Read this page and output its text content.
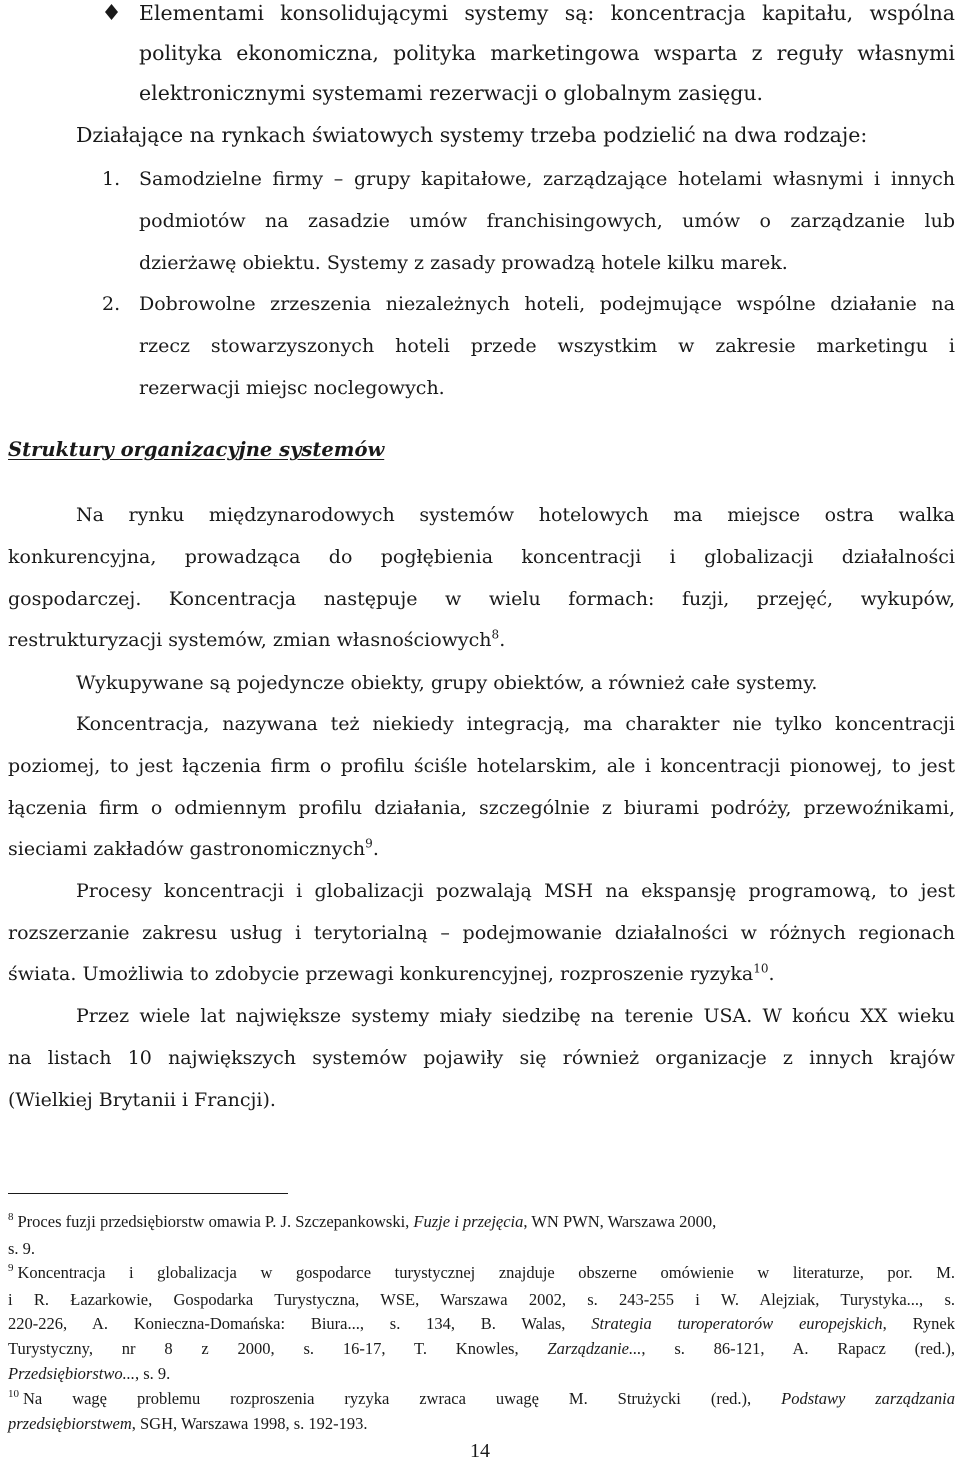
Elementami konsolidującymi systemy są: koncentracja kapitału, wspólna
polityka ekonomiczna, polityka marketingowa wsparta z reguły własnymi
elektronicznymi systemami rezerwacji o globalnym zasięgu.
Działające na rynkach światowych systemy trzeba podzielić na dwa rodzaje:
1. Samodzielne firmy – grupy kapitałowe, zarządzające hotelami własnymi i innych
podmiotów na zasadzie umów franchisingowych, umów o zarządzanie lub
dzierżawę obiektu. Systemy z zasady prowadzą hotele kilku marek.
2. Dobrowolne zrzeszenia niezależnych hoteli, podejmujące wspólne działanie na
rzecz stowarzyszonych hoteli przede wszystkim w zakresie marketingu i
rezerwacji miejsc noclegowych.
Struktury organizacyjne systemów
Na rynku międzynarodowych systemów hotelowych ma miejsce ostra walka
konkurencyjna, prowadząca do pogłębienia koncentracji i globalizacji działalności
gospodarczej. Koncentracja następuje w wielu formach: fuzji, przejęć, wykupów,
restrukturyzacji systemów, zmian własnościowych$^8$.
Wykupywane są pojedyncze obiekty, grupy obiektów, a również całe systemy.
Koncentracja, nazywana też niekiedy integracją, ma charakter nie tylko koncentracji
poziomej, to jest łączenia firm o profilu ściśle hotelarskim, ale i koncentracji pionowej, to jest
łączenia firm o odmiennym profilu działania, szczególnie z biurami podróży, przewoźnikami,
sieciami zakładów gastronomicznych$^9$.
Procesy koncentracji i globalizacji pozwalają MSH na ekspansję programową, to jest
rozszerzanie zakresu usług i terytorialną – podejmowanie działalności w różnych regionach
świata. Umożliwia to zdobycie przewagi konkurencyjnej, rozproszenie ryzyka$^{10}$.
Przez wiele lat największe systemy miały siedzibę na terenie USA. W końcu XX wieku
na listach 10 największych systemów pojawiły się również organizacje z innych krajów
(Wielkiej Brytanii i Francji).
$^8$ Proces fuzji przedsiębiorstw omawia P. J. Szczepankowski, Fuzje i przejęcia, WN PWN, Warszawa 2000,
s. 9.
$^9$ Koncentracja i globalizacja w gospodarce turystycznej znajduje obszerne omówienie w literaturze, por. M.
i R. Łazarkowie, Gospodarka Turystyczna, WSE, Warszawa 2002, s. 243-255 i W. Alejziak, Turystyka..., s.
220-226, A. Konieczna-Domańska: Biura..., s. 134, B. Walas, Strategia turoperatorów europejskich, Rynek
Turystyczny, nr 8 z 2000, s. 16-17, T. Knowles, Zarządzanie..., s. 86-121, A. Rapacz (red.),
Przedsiębiorstwo..., s. 9.
$^{10}$ Na wagę problemu rozproszenia ryzyka zwraca uwagę M. Strużycki (red.), Podstawy zarządzania
przedsiębiorstwem, SGH, Warszawa 1998, s. 192-193.
14
